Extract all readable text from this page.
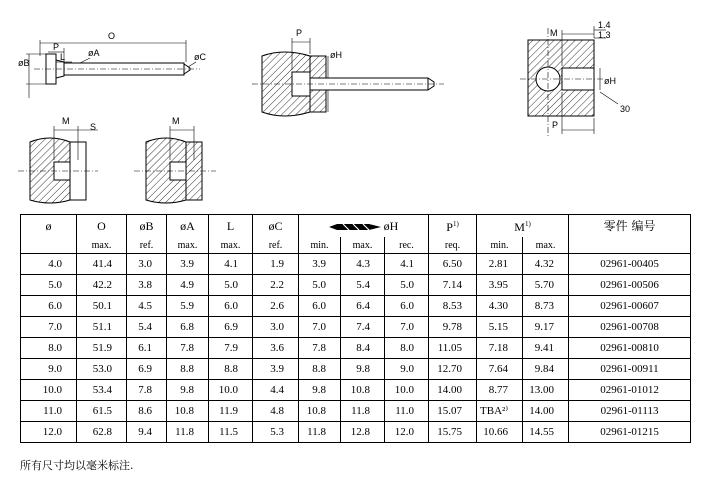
O
P
L
øB
øA	øC
M
S
M
P
øH
M
1.4
1.3
øH
30
P
ø	O	øB	øA	L	øC	øH			$P^{1)}$	$M^{1)}$		零件 编号
	max.	ref.	max.	max.	ref.	min.	max.	rec.	req.	min.	max.	
4.0	41.4	3.0	3.9	4.1	1.9	3.9	4.3	4.1	6.50	2.81	4.32	02961-00405
5.0	42.2	3.8	4.9	5.0	2.2	5.0	5.4	5.0	7.14	3.95	5.70	02961-00506
6.0	50.1	4.5	5.9	6.0	2.6	6.0	6.4	6.0	8.53	4.30	8.73	02961-00607
7.0	51.1	5.4	6.8	6.9	3.0	7.0	7.4	7.0	9.78	5.15	9.17	02961-00708
8.0	51.9	6.1	7.8	7.9	3.6	7.8	8.4	8.0	11.05	7.18	9.41	02961-00810
9.0	53.0	6.9	8.8	8.8	3.9	8.8	9.8	9.0	12.70	7.64	9.84	02961-00911
10.0	53.4	7.8	9.8	10.0	4.4	9.8	10.8	10.0	14.00	8.77	13.00	02961-01012
11.0	61.5	8.6	10.8	11.9	4.8	10.8	11.8	11.0	15.07	TBA²⁾	14.00	02961-01113
12.0	62.8	9.4	11.8	11.5	5.3	11.8	12.8	12.0	15.75	10.66	14.55	02961-01215
所有尺寸均以毫米标注.
